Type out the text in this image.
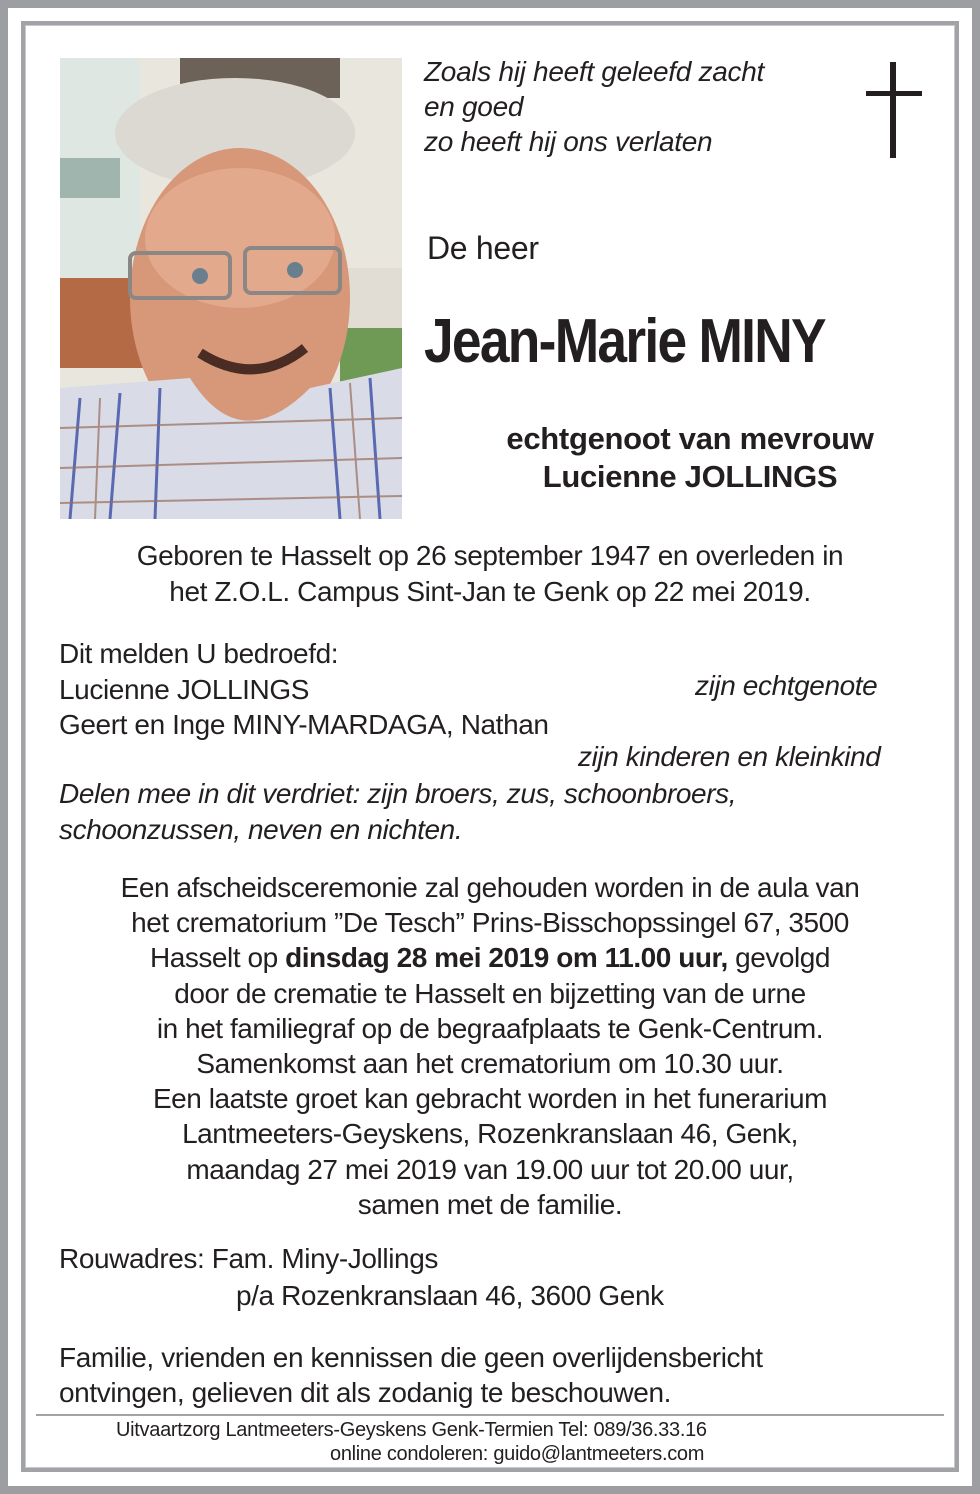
Zoals hij heeft geleefd zacht
en goed
zo heeft hij ons verlaten
De heer
Jean-Marie MINY
echtgenoot van mevrouw
Lucienne JOLLINGS
Geboren te Hasselt op 26 september 1947 en overleden in
het Z.O.L. Campus Sint-Jan te Genk op 22 mei 2019.
Dit melden U bedroefd:
Lucienne JOLLINGS
Geert en Inge MINY-MARDAGA, Nathan
zijn echtgenote
zijn kinderen en kleinkind
Delen mee in dit verdriet: zijn broers, zus, schoonbroers,
schoonzussen, neven en nichten.
Een afscheidsceremonie zal gehouden worden in de aula van
het crematorium ”De Tesch” Prins-Bisschopssingel 67, 3500
Hasselt op dinsdag 28 mei 2019 om 11.00 uur, gevolgd
door de crematie te Hasselt en bijzetting van de urne
in het familiegraf op de begraafplaats te Genk-Centrum.
Samenkomst aan het crematorium om 10.30 uur.
Een laatste groet kan gebracht worden in het funerarium
Lantmeeters-Geyskens, Rozenkranslaan 46, Genk,
maandag 27 mei 2019 van 19.00 uur tot 20.00 uur,
samen met de familie.
Rouwadres: Fam. Miny-Jollings
p/a Rozenkranslaan 46, 3600 Genk
Familie, vrienden en kennissen die geen overlijdensbericht
ontvingen, gelieven dit als zodanig te beschouwen.
Uitvaartzorg Lantmeeters-Geyskens Genk-Termien Tel: 089/36.33.16
online condoleren: guido@lantmeeters.com
